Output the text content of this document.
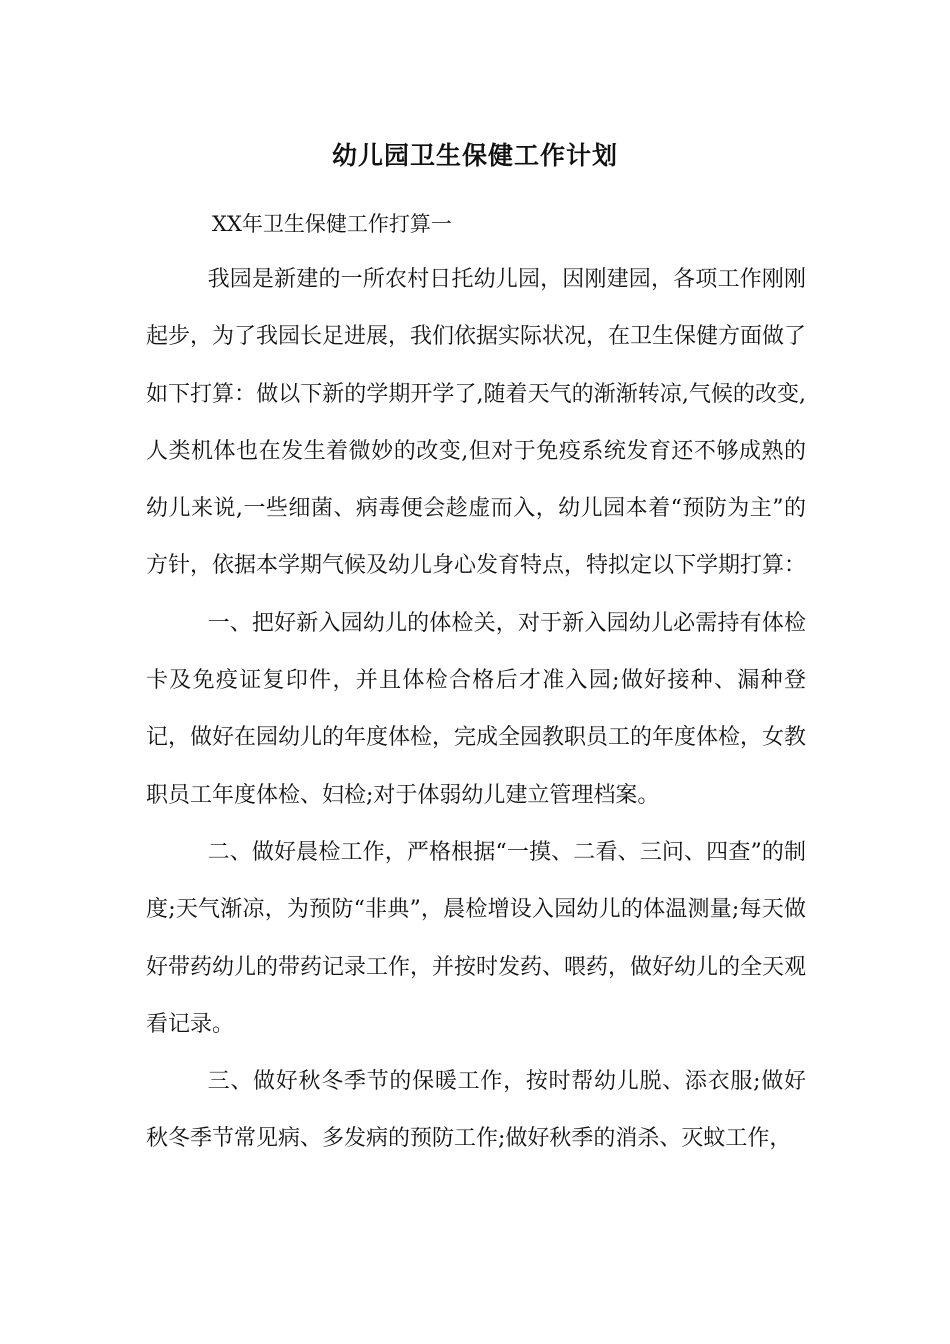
幼儿园卫生保健工作计划
XX年卫生保健工作打算一

我园是新建的一所农村日托幼儿园，因刚建园，各项工作刚刚起步，为了我园长足进展，我们依据实际状况，在卫生保健方面做了如下打算：做以下新的学期开学了,随着天气的渐渐转凉,气候的改变,人类机体也在发生着微妙的改变,但对于免疫系统发育还不够成熟的幼儿来说,一些细菌、病毒便会趁虚而入，幼儿园本着“预防为主”的方针，依据本学期气候及幼儿身心发育特点，特拟定以下学期打算：

一、把好新入园幼儿的体检关，对于新入园幼儿必需持有体检卡及免疫证复印件，并且体检合格后才准入园;做好接种、漏种登记，做好在园幼儿的年度体检，完成全园教职员工的年度体检，女教职员工年度体检、妇检;对于体弱幼儿建立管理档案。

二、做好晨检工作，严格根据“一摸、二看、三问、四查”的制度;天气渐凉，为预防“非典”，晨检增设入园幼儿的体温测量;每天做好带药幼儿的带药记录工作，并按时发药、喂药，做好幼儿的全天观看记录。

三、做好秋冬季节的保暖工作，按时帮幼儿脱、添衣服;做好秋冬季节常见病、多发病的预防工作;做好秋季的消杀、灭蚊工作，
